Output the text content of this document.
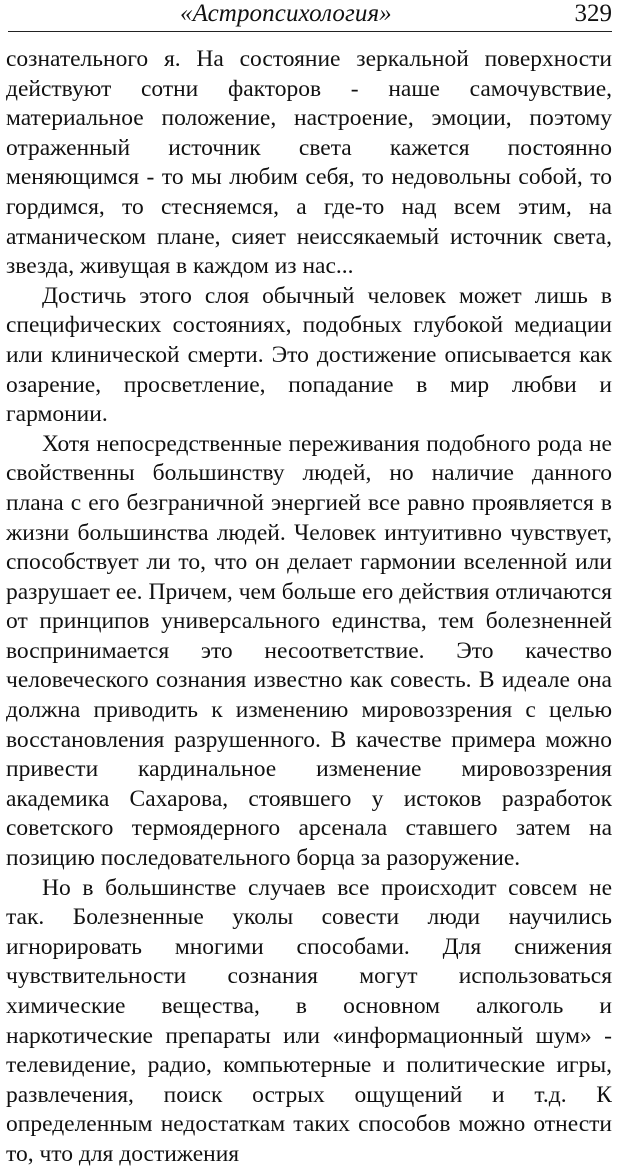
«Астропсихология»	329

сознательного я. На состояние зеркальной поверхности действуют сотни факторов - наше самочувствие, материальное положение, настроение, эмоции, поэтому отраженный источник света кажется постоянно меняющимся - то мы любим себя, то недовольны собой, то гордимся, то стесняемся, а где-то над всем этим, на атманическом плане, сияет неиссякаемый источник света, звезда, живущая в каждом из нас...

Достичь этого слоя обычный человек может лишь в специфических состояниях, подобных глубокой медиации или клинической смерти. Это достижение описывается как озарение, просветление, попадание в мир любви и гармонии.

Хотя непосредственные переживания подобного рода не свойственны большинству людей, но наличие данного плана с его безграничной энергией все равно проявляется в жизни большинства людей. Человек интуитивно чувствует, способствует ли то, что он делает гармонии вселенной или разрушает ее. Причем, чем больше его действия отличаются от принципов универсального единства, тем болезненней воспринимается это несоответствие. Это качество человеческого сознания известно как совесть. В идеале она должна приводить к изменению мировоззрения с целью восстановления разрушенного. В качестве примера можно привести кардинальное изменение мировоззрения академика Сахарова, стоявшего у истоков разработок советского термоядерного арсенала ставшего затем на позицию последовательного борца за разоружение.

Но в большинстве случаев все происходит совсем не так. Болезненные уколы совести люди научились игнорировать многими способами. Для снижения чувствительности сознания могут использоваться химические вещества, в основном алкоголь и наркотические препараты или «информационный шум» - телевидение, радио, компьютерные и политические игры, развлечения, поиск острых ощущений и т.д. К определенным недостаткам таких способов можно отнести то, что для достижения
